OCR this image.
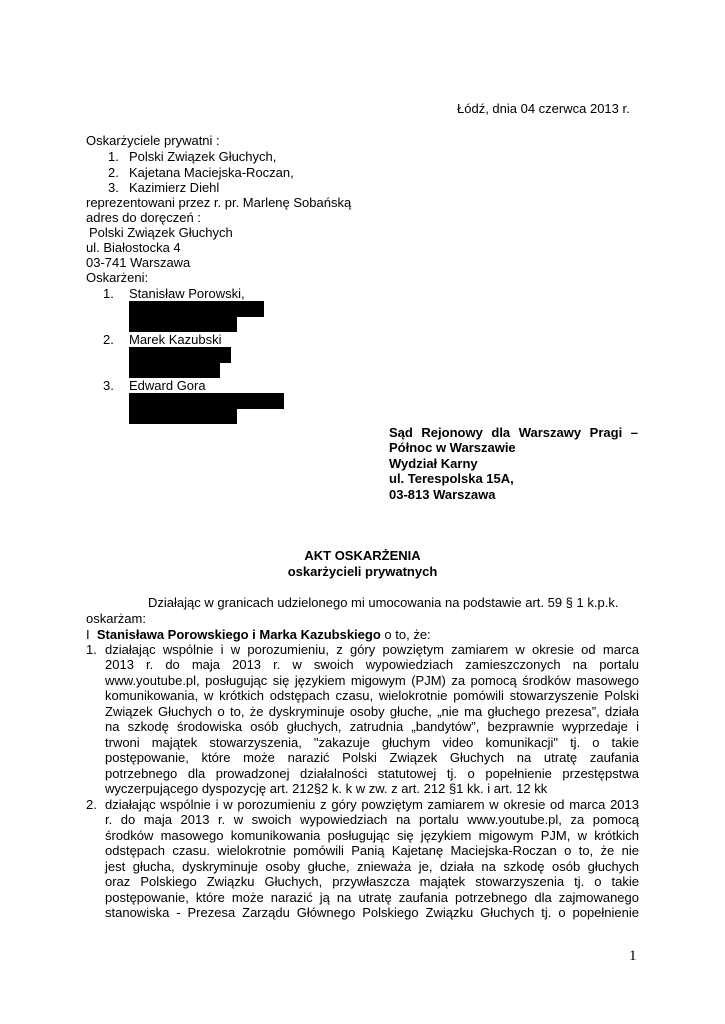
Łódź, dnia 04 czerwca 2013 r.
Oskarżyciele prywatni :
1. Polski Związek Głuchych,
2. Kajetana Maciejska-Roczan,
3. Kazimierz Diehl
reprezentowani przez r. pr. Marlenę Sobańską
adres do doręczeń :
Polski Związek Głuchych
ul. Białostocka 4
03-741 Warszawa
Oskarżeni:
1. Stanisław Porowski,
2. Marek Kazubski
3. Edward Gora
Sąd Rejonowy dla Warszawy Pragi –
Północ w Warszawie
Wydział Karny
ul. Terespolska 15A,
03-813 Warszawa
AKT OSKARŻENIA
oskarżycieli prywatnych
Działając w granicach udzielonego mi umocowania na podstawie art. 59 § 1 k.p.k.
oskarżam:
I Stanisława Porowskiego i Marka Kazubskiego o to, że:
1. działając wspólnie i w porozumieniu, z góry powziętym zamiarem w okresie od marca
2013 r. do maja 2013 r. w swoich wypowiedziach zamieszczonych na portalu
www.youtube.pl, posługując się językiem migowym (PJM) za pomocą środków masowego
komunikowania, w krótkich odstępach czasu, wielokrotnie pomówili stowarzyszenie Polski
Związek Głuchych o to, że dyskryminuje osoby głuche, „nie ma głuchego prezesa”, działa
na szkodę środowiska osób głuchych, zatrudnia „bandytów”, bezprawnie wyprzedaje i
trwoni majątek stowarzyszenia, "zakazuje głuchym video komunikacji" tj. o takie
postępowanie, które może narazić Polski Związek Głuchych na utratę zaufania
potrzebnego dla prowadzonej działalności statutowej tj. o popełnienie przestępstwa
wyczerpującego dyspozycję art. 212§2 k. k w zw. z art. 212 §1 kk. i art. 12 kk
2. działając wspólnie i w porozumieniu z góry powziętym zamiarem w okresie od marca 2013
r. do maja 2013 r. w swoich wypowiedziach na portalu www.youtube.pl, za pomocą
środków masowego komunikowania posługując się językiem migowym PJM, w krótkich
odstępach czasu. wielokrotnie pomówili Panią Kajetanę Maciejska-Roczan o to, że nie
jest głucha, dyskryminuje osoby głuche, znieważa je, działa na szkodę osób głuchych
oraz Polskiego Związku Głuchych, przywłaszcza majątek stowarzyszenia tj. o takie
postępowanie, które może narazić ją na utratę zaufania potrzebnego dla zajmowanego
stanowiska - Prezesa Zarządu Głównego Polskiego Związku Głuchych tj. o popełnienie
1
